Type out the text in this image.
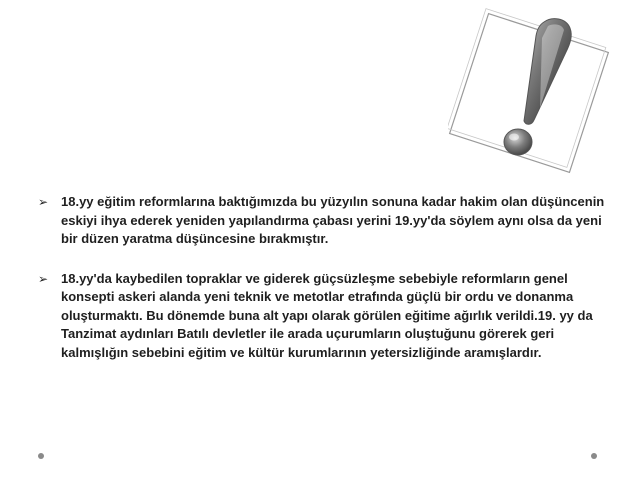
➢ 18.yy eğitim reformlarına baktığımızda bu yüzyılın sonuna kadar hakim olan düşüncenin eskiyi ihya ederek yeniden yapılandırma çabası yerini 19.yy'da söylem aynı olsa da yeni bir düzen yaratma düşüncesine bırakmıştır.
➢ 18.yy'da kaybedilen topraklar ve giderek güçsüzleşme sebebiyle reformların genel konsepti askeri alanda yeni teknik ve metotlar etrafında güçlü bir ordu ve donanma oluşturmaktı. Bu dönemde buna alt yapı olarak görülen eğitime ağırlık verildi.19. yy da Tanzimat aydınları Batılı devletler ile arada uçurumların oluştuğunu görerek geri kalmışlığın sebebini eğitim ve kültür kurumlarının yetersizliğinde aramışlardır.
